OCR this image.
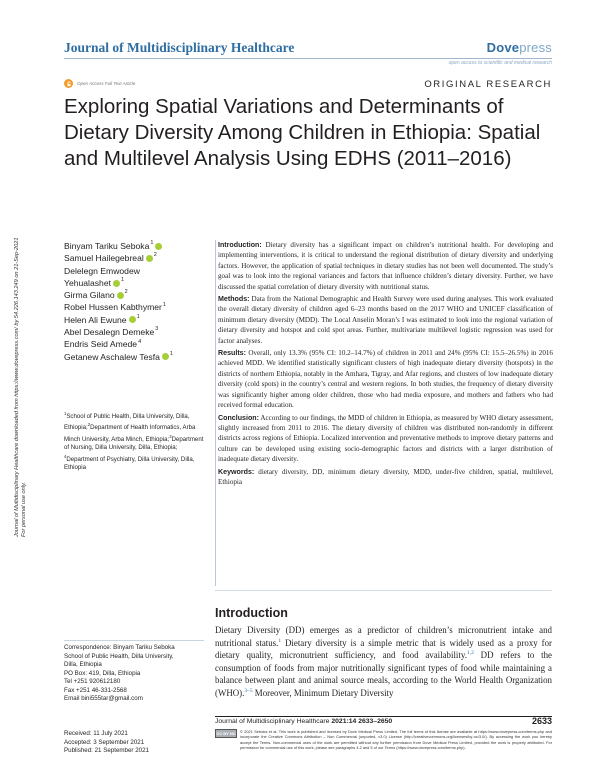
Journal of Multidisciplinary Healthcare	Dovepress
open access to scientific and medical research
Open Access Full Text Article	ORIGINAL RESEARCH
Exploring Spatial Variations and Determinants of Dietary Diversity Among Children in Ethiopia: Spatial and Multilevel Analysis Using EDHS (2011–2016)
Journal of Multidisciplinary Healthcare downloaded from https://www.dovepress.com/ by 54.226.143.249 on 21-Sep-2021 For personal use only.
Binyam Tariku Seboka$^1$
Samuel Hailegebreal $^2$
Delelegn Emwodew
Yehualashet $^1$
Girma Gilano $^2$
Robel Hussen Kabthymer$^1$
Helen Ali Ewune $^1$
Abel Desalegn Demeke$^3$
Endris Seid Amede$^4$
Getanew Aschalew Tesfa $^1$
$^1$School of Public Health, Dilla University, Dilla, Ethiopia;$^2$Department of Health Informatics, Arba Minch University, Arba Minch, Ethiopia;$^3$Department of Nursing, Dilla University, Dilla, Ethiopia;
$^4$Department of Psychiatry, Dilla University, Dilla, Ethiopia

Introduction: Dietary diversity has a significant impact on children’s nutritional health. For developing and implementing interventions, it is critical to understand the regional distribution of dietary diversity and underlying factors. However, the application of spatial techniques in dietary studies has not been well documented. The study’s goal was to look into the regional variances and factors that influence children’s dietary diversity. Further, we have discussed the spatial correlation of dietary diversity with nutritional status.

Methods: Data from the National Demographic and Health Survey were used during analyses. This work evaluated the overall dietary diversity of children aged 6–23 months based on the 2017 WHO and UNICEF classification of minimum dietary diversity (MDD). The Local Anselin Moran’s I was estimated to look into the regional variation of dietary diversity and hotspot and cold spot areas. Further, multivariate multilevel logistic regression was used for factor analyses.

Results: Overall, only 13.3% (95% CI: 10.2–14.7%) of children in 2011 and 24% (95% CI: 15.5–26.5%) in 2016 achieved MDD. We identified statistically significant clusters of high inadequate dietary diversity (hotspots) in the districts of northern Ethiopia, notably in the Amhara, Tigray, and Afar regions, and clusters of low inadequate dietary diversity (cold spots) in the country’s central and western regions. In both studies, the frequency of dietary diversity was significantly higher among older children, those who had media exposure, and mothers and fathers who had received formal education.

Conclusion: According to our findings, the MDD of children in Ethiopia, as measured by WHO dietary assessment, slightly increased from 2011 to 2016. The dietary diversity of children was distributed non-randomly in different districts across regions of Ethiopia. Localized intervention and preventative methods to improve dietary patterns and culture can be developed using existing socio-demographic factors and districts with a larger distribution of inadequate dietary diversity.

Keywords: dietary diversity, DD, minimum dietary diversity, MDD, under-five children, spatial, multilevel, Ethiopia

Introduction

Dietary Diversity (DD) emerges as a predictor of children’s micronutrient intake and nutritional status.$^1$ Dietary diversity is a simple metric that is widely used as a proxy for dietary quality, micronutrient sufficiency, and food availability.$^{1,2}$ DD refers to the consumption of foods from major nutritionally significant types of food while maintaining a balance between plant and animal source meals, according to the World Health Organization (WHO).$^{3-5}$ Moreover, Minimum Dietary Diversity

Correspondence: Binyam Tariku Seboka
School of Public Health, Dilla University,
Dilla, Ethiopia
PO Box: 419, Dilla, Ethiopia
Tel +251 920612180
Fax +251 46-331-2568
Email bini555tar@gmail.com
Received: 11 July 2021
Accepted: 3 September 2021
Published: 21 September 2021
Journal of Multidisciplinary Healthcare 2021:14 2633–2650	2633
CC BY NC	© 2021 Seboka et al. This work is published and licensed by Dove Medical Press Limited. The full terms of this license are available at https://www.dovepress.com/terms.php and incorporate the Creative Commons Attribution – Non Commercial (unported, v3.0) License (http://creativecommons.org/licenses/by-nc/3.0/). By accessing the work you hereby accept the Terms. Non-commercial uses of the work are permitted without any further permission from Dove Medical Press Limited, provided the work is properly attributed. For permission for commercial use of this work, please see paragraphs 4.2 and 5 of our Terms (https://www.dovepress.com/terms.php).
